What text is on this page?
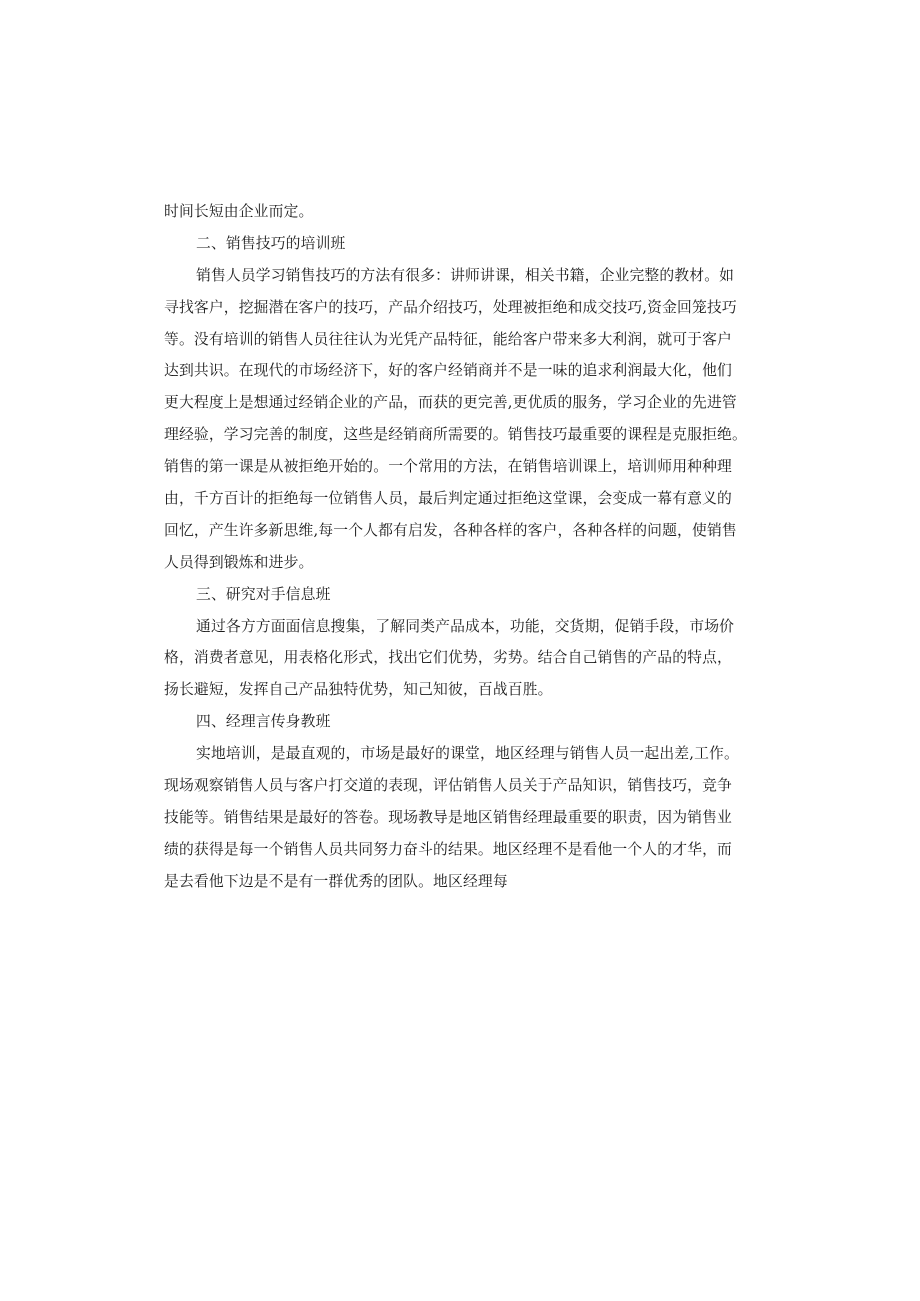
时间长短由企业而定。
二、销售技巧的培训班
销售人员学习销售技巧的方法有很多：讲师讲课，相关书籍，企业完整的教材。如
寻找客户，挖掘潜在客户的技巧，产品介绍技巧，处理被拒绝和成交技巧,资金回笼技巧
等。没有培训的销售人员往往认为光凭产品特征，能给客户带来多大利润，就可于客户
达到共识。在现代的市场经济下，好的客户经销商并不是一味的追求利润最大化，他们
更大程度上是想通过经销企业的产品，而获的更完善,更优质的服务，学习企业的先进管
理经验，学习完善的制度，这些是经销商所需要的。销售技巧最重要的课程是克服拒绝。
销售的第一课是从被拒绝开始的。一个常用的方法，在销售培训课上，培训师用种种理
由，千方百计的拒绝每一位销售人员，最后判定通过拒绝这堂课，会变成一幕有意义的
回忆，产生许多新思维,每一个人都有启发，各种各样的客户，各种各样的问题，使销售
人员得到锻炼和进步。
三、研究对手信息班
通过各方方面面信息搜集，了解同类产品成本，功能，交货期，促销手段，市场价
格，消费者意见，用表格化形式，找出它们优势，劣势。结合自己销售的产品的特点，
扬长避短，发挥自己产品独特优势，知己知彼，百战百胜。
四、经理言传身教班
实地培训，是最直观的，市场是最好的课堂，地区经理与销售人员一起出差,工作。
现场观察销售人员与客户打交道的表现，评估销售人员关于产品知识，销售技巧，竞争
技能等。销售结果是最好的答卷。现场教导是地区销售经理最重要的职责，因为销售业
绩的获得是每一个销售人员共同努力奋斗的结果。地区经理不是看他一个人的才华，而
是去看他下边是不是有一群优秀的团队。地区经理每
